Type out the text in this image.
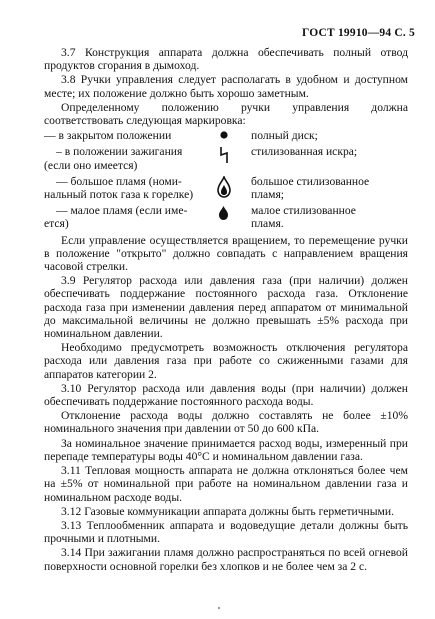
ГОСТ 19910—94 С. 5

3.7 Конструкция аппарата должна обеспечивать полный отвод продуктов сгорания в дымоход.

3.8 Ручки управления следует располагать в удобном и доступном месте; их положение должно быть хорошо заметным.

Определенному положению ручки управления должна соответствовать следующая маркировка:

— в закрытом положении	полный диск;
– в положении зажигания
(если оно имеется)
стилизованная искра;
— большое пламя (номи-
нальный поток газа к горелке)
большое стилизованное
пламя;
— малое пламя (если име-
ется)
малое стилизованное
пламя.

Если управление осуществляется вращением, то перемещение ручки в положение "открыто" должно совпадать с направлением вращения часовой стрелки.

3.9 Регулятор расхода или давления газа (при наличии) должен обеспечивать поддержание постоянного расхода газа. Отклонение расхода газа при изменении давления перед аппаратом от минимальной до максимальной величины не должно превышать ±5% расхода при номинальном давлении.

Необходимо предусмотреть возможность отключения регулятора расхода или давления газа при работе со сжиженными газами для аппаратов категории 2.

3.10 Регулятор расхода или давления воды (при наличии) должен обеспечивать поддержание постоянного расхода воды.

Отклонение расхода воды должно составлять не более ±10% номинального значения при давлении от 50 до 600 кПа.

За номинальное значение принимается расход воды, измеренный при перепаде температуры воды 40°С и номинальном давлении газа.

3.11 Тепловая мощность аппарата не должна отклоняться более чем на ±5% от номинальной при работе на номинальном давлении газа и номинальном расходе воды.

3.12 Газовые коммуникации аппарата должны быть герметичными.

3.13 Теплообменник аппарата и водоведущие детали должны быть прочными и плотными.

3.14 При зажигании пламя должно распространяться по всей огневой поверхности основной горелки без хлопков и не более чем за 2 с.
